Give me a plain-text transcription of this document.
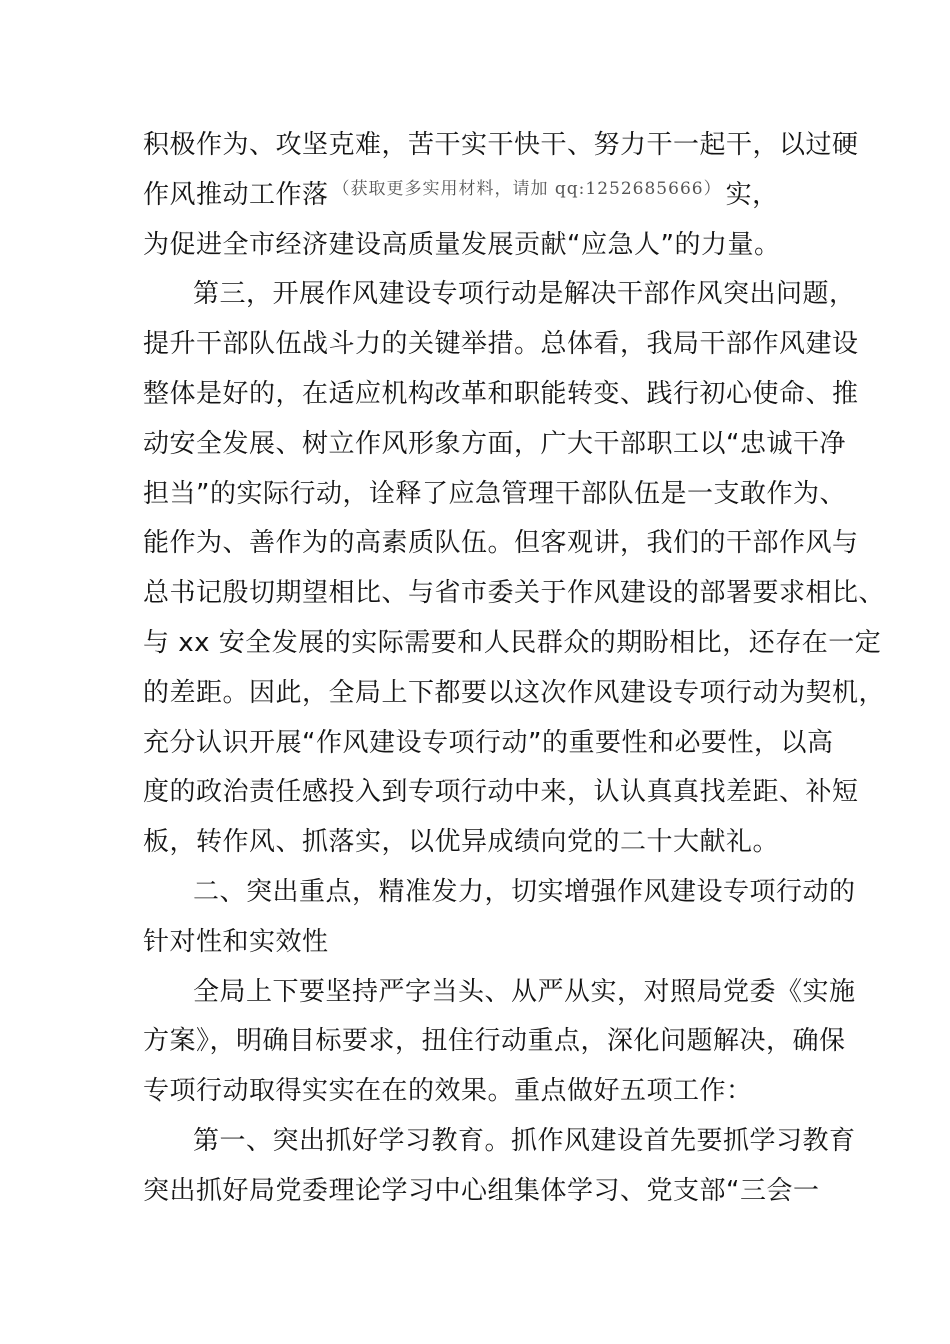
积极作为、攻坚克难，苦干实干快干、努力干一起干，以过硬
作风推动工作落 $^{(获取更多实用材料,请加 qq:1252685666)}$ 实，
为促进全市经济建设高质量发展贡献“应急人”的力量。
第三，开展作风建设专项行动是解决干部作风突出问题，
提升干部队伍战斗力的关键举措。总体看，我局干部作风建设
整体是好的，在适应机构改革和职能转变、践行初心使命、推
动安全发展、树立作风形象方面，广大干部职工以“忠诚干净
担当”的实际行动，诠释了应急管理干部队伍是一支敢作为、
能作为、善作为的高素质队伍。但客观讲，我们的干部作风与
总书记殷切期望相比、与省市委关于作风建设的部署要求相比、
与 xx 安全发展的实际需要和人民群众的期盼相比，还存在一定
的差距。因此，全局上下都要以这次作风建设专项行动为契机，
充分认识开展“作风建设专项行动”的重要性和必要性，以高
度的政治责任感投入到专项行动中来，认认真真找差距、补短
板，转作风、抓落实，以优异成绩向党的二十大献礼。
二、突出重点，精准发力，切实增强作风建设专项行动的
针对性和实效性
全局上下要坚持严字当头、从严从实，对照局党委《实施
方案》，明确目标要求，扭住行动重点，深化问题解决，确保
专项行动取得实实在在的效果。重点做好五项工作：
第一、突出抓好学习教育。抓作风建设首先要抓学习教育
突出抓好局党委理论学习中心组集体学习、党支部“三会一
